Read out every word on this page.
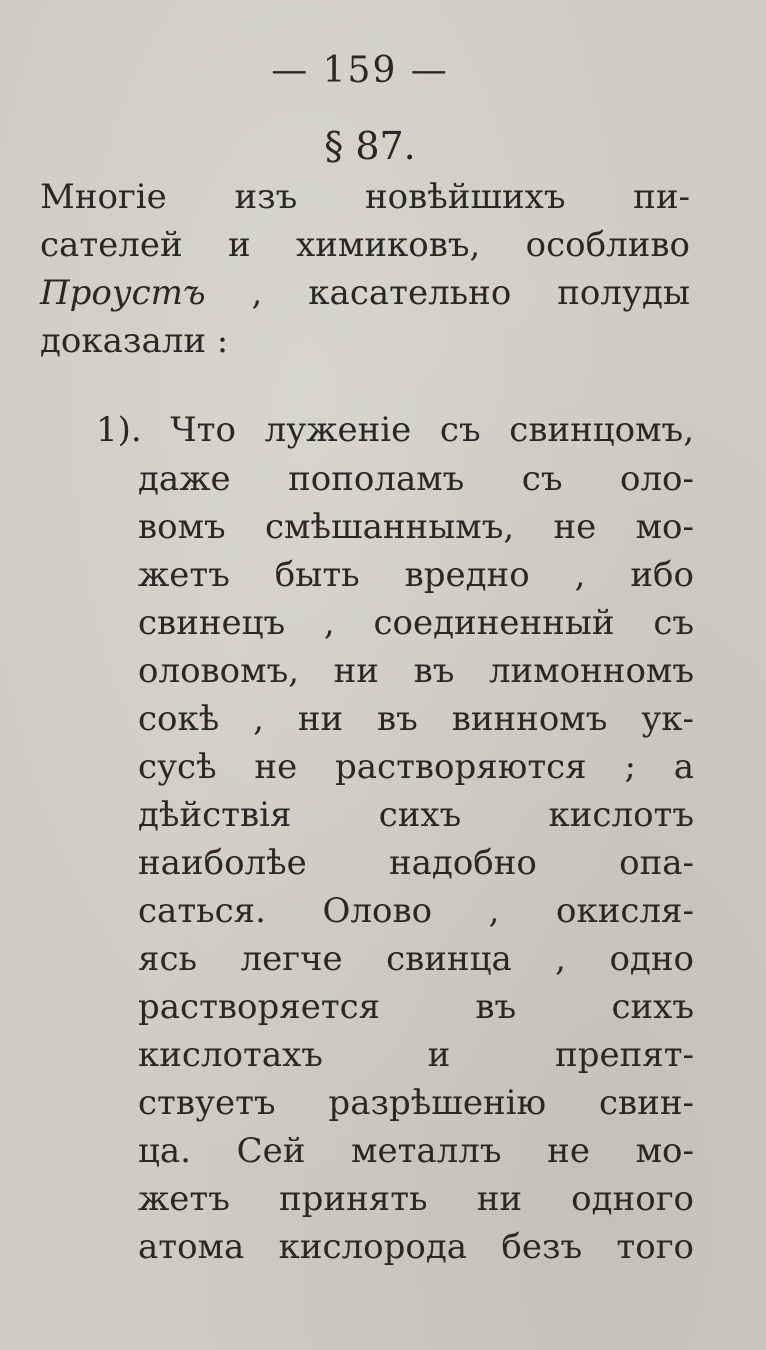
— 159 —
§ 87.
Многіе изъ новѣйшихъ пи-
сателей и химиковъ, особливо
Проустъ , касательно полуды
доказали :
1). Что луженіе съ свинцомъ,
даже пополамъ съ оло-
вомъ смѣшаннымъ, не мо-
жетъ быть вредно , ибо
свинецъ , соединенный съ
оловомъ, ни въ лимонномъ
сокѣ , ни въ винномъ ук-
сусѣ не растворяются ; а
дѣйствія сихъ кислотъ
наиболѣе надобно опа-
саться. Олово , окисля-
ясь легче свинца , одно
растворяется въ сихъ
кислотахъ и препят-
ствуетъ разрѣшенію свин-
ца. Сей металлъ не мо-
жетъ принять ни одного
атома кислорода безъ того
